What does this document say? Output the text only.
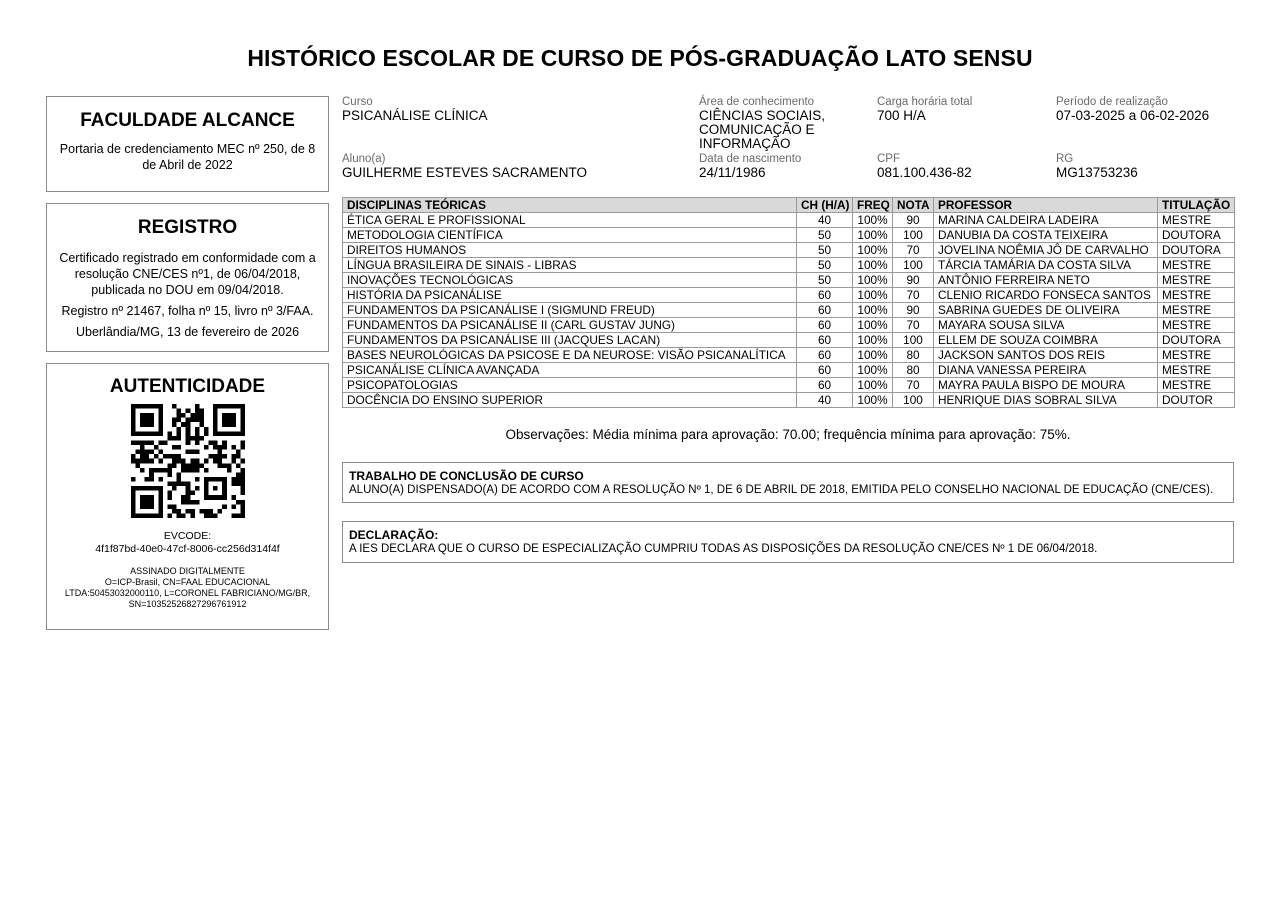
HISTÓRICO ESCOLAR DE CURSO DE PÓS-GRADUAÇÃO LATO SENSU
FACULDADE ALCANCE

Portaria de credenciamento MEC nº 250, de 8 de Abril de 2022

REGISTRO

Certificado registrado em conformidade com a resolução CNE/CES nº1, de 06/04/2018, publicada no DOU em 09/04/2018.

Registro nº 21467, folha nº 15, livro nº 3/FAA.

Uberlândia/MG, 13 de fevereiro de 2026

AUTENTICIDADE
EVCODE:
4f1f87bd-40e0-47cf-8006-cc256d314f4f
ASSINADO DIGITALMENTE
O=ICP-Brasil, CN=FAAL EDUCACIONAL LTDA:50453032000110, L=CORONEL FABRICIANO/MG/BR, SN=10352526827296761912
Curso
PSICANÁLISE CLÍNICA
Área de conhecimento
CIÊNCIAS SOCIAIS, COMUNICAÇÃO E INFORMAÇÃO
Carga horária total
700 H/A
Período de realização
07-03-2025 a 06-02-2026
Aluno(a)
GUILHERME ESTEVES SACRAMENTO
Data de nascimento
24/11/1986
CPF
081.100.436-82
RG
MG13753236
DISCIPLINAS TEÓRICAS	CH (H/A)	FREQ	NOTA	PROFESSOR	TITULAÇÃO
ÉTICA GERAL E PROFISSIONAL	40	100%	90	MARINA CALDEIRA LADEIRA	MESTRE
METODOLOGIA CIENTÍFICA	50	100%	100	DANUBIA DA COSTA TEIXEIRA	DOUTORA
DIREITOS HUMANOS	50	100%	70	JOVELINA NOÊMIA JÔ DE CARVALHO	DOUTORA
LÍNGUA BRASILEIRA DE SINAIS - LIBRAS	50	100%	100	TÁRCIA TAMÁRIA DA COSTA SILVA	MESTRE
INOVAÇÕES TECNOLÓGICAS	50	100%	90	ANTÔNIO FERREIRA NETO	MESTRE
HISTÓRIA DA PSICANÁLISE	60	100%	70	CLENIO RICARDO FONSECA SANTOS	MESTRE
FUNDAMENTOS DA PSICANÁLISE I (SIGMUND FREUD)	60	100%	90	SABRINA GUEDES DE OLIVEIRA	MESTRE
FUNDAMENTOS DA PSICANÁLISE II (CARL GUSTAV JUNG)	60	100%	70	MAYARA SOUSA SILVA	MESTRE
FUNDAMENTOS DA PSICANÁLISE III (JACQUES LACAN)	60	100%	100	ELLEM DE SOUZA COIMBRA	DOUTORA
BASES NEUROLÓGICAS DA PSICOSE E DA NEUROSE: VISÃO PSICANALÍTICA	60	100%	80	JACKSON SANTOS DOS REIS	MESTRE
PSICANÁLISE CLÍNICA AVANÇADA	60	100%	80	DIANA VANESSA PEREIRA	MESTRE
PSICOPATOLOGIAS	60	100%	70	MAYRA PAULA BISPO DE MOURA	MESTRE
DOCÊNCIA DO ENSINO SUPERIOR	40	100%	100	HENRIQUE DIAS SOBRAL SILVA	DOUTOR
Observações: Média mínima para aprovação: 70.00; frequência mínima para aprovação: 75%.
TRABALHO DE CONCLUSÃO DE CURSO
ALUNO(A) DISPENSADO(A) DE ACORDO COM A RESOLUÇÃO Nº 1, DE 6 DE ABRIL DE 2018, EMITIDA PELO CONSELHO NACIONAL DE EDUCAÇÃO (CNE/CES).
DECLARAÇÃO:
A IES DECLARA QUE O CURSO DE ESPECIALIZAÇÃO CUMPRIU TODAS AS DISPOSIÇÕES DA RESOLUÇÃO CNE/CES Nº 1 DE 06/04/2018.
